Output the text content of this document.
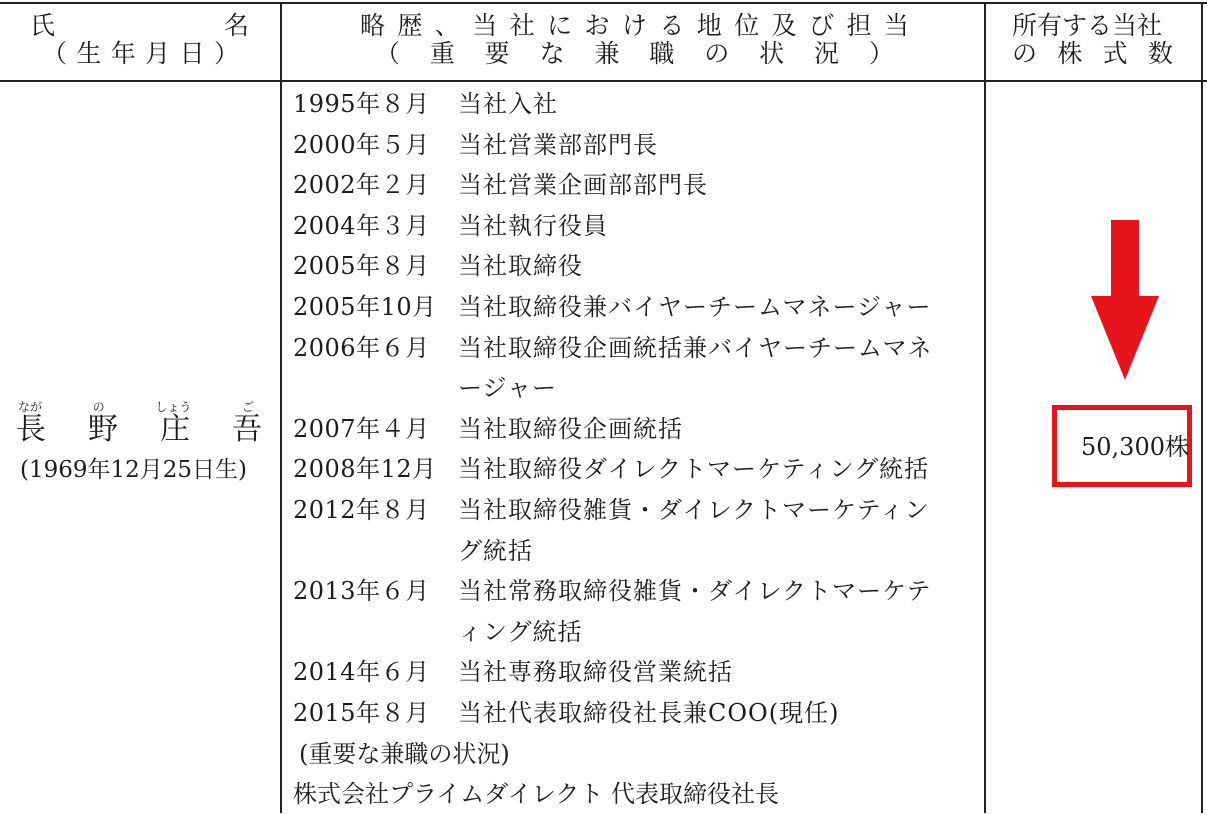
氏	名
（ 生 年 月 日 ）
略 歴 、 当 社 に お け る 地 位 及 び 担 当
（ 重 要 な 兼 職 の 状 況 ）
所有する当社
の 株 式 数
なが	の	しょう	ご
長 野 庄 吾
(1969年12月25日生)
1995年８月 当社入社
2000年５月 当社営業部部門長
2002年２月 当社営業企画部部門長
2004年３月 当社執行役員
2005年８月 当社取締役
2005年10月 当社取締役兼バイヤーチームマネージャー
2006年６月 当社取締役企画統括兼バイヤーチームマネ
ージャー
2007年４月 当社取締役企画統括
2008年12月 当社取締役ダイレクトマーケティング統括
2012年８月 当社取締役雑貨・ダイレクトマーケティン
グ統括
2013年６月 当社常務取締役雑貨・ダイレクトマーケテ
ィング統括
2014年６月 当社専務取締役営業統括
2015年８月 当社代表取締役社長兼COO(現任)
(重要な兼職の状況)
株式会社プライムダイレクト 代表取締役社長
50,300株
